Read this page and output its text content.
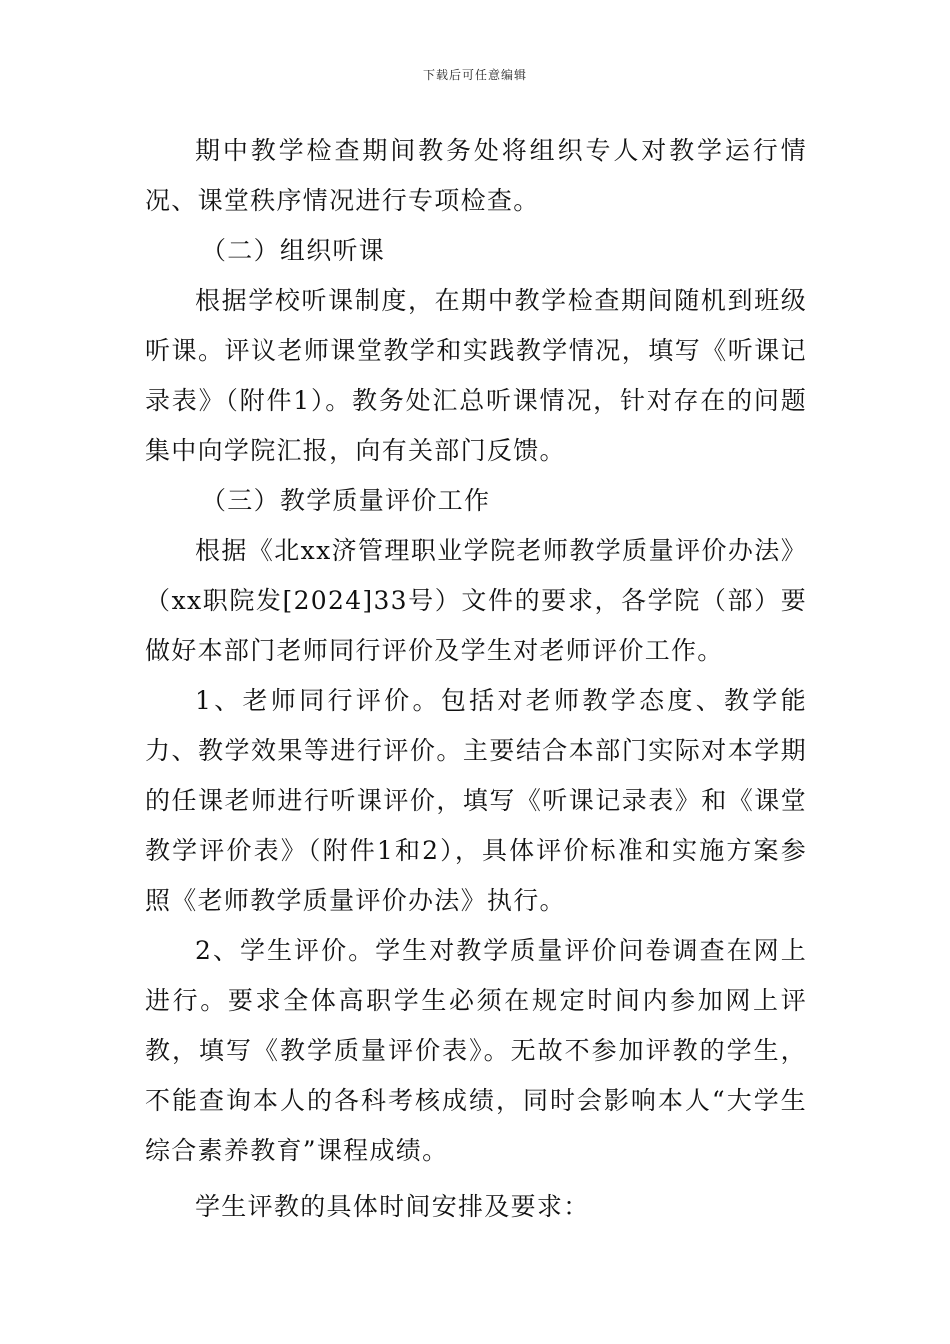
下载后可任意编辑

期中教学检查期间教务处将组织专人对教学运行情况、课堂秩序情况进行专项检查。

（二）组织听课

根据学校听课制度，在期中教学检查期间随机到班级听课。评议老师课堂教学和实践教学情况，填写《听课记录表》（附件1）。教务处汇总听课情况，针对存在的问题集中向学院汇报，向有关部门反馈。

（三）教学质量评价工作

根据《北xx济管理职业学院老师教学质量评价办法》（xx职院发[2024]33号）文件的要求，各学院（部）要做好本部门老师同行评价及学生对老师评价工作。

1、老师同行评价。包括对老师教学态度、教学能力、教学效果等进行评价。主要结合本部门实际对本学期的任课老师进行听课评价，填写《听课记录表》和《课堂教学评价表》（附件1和2），具体评价标准和实施方案参照《老师教学质量评价办法》执行。

2、学生评价。学生对教学质量评价问卷调查在网上进行。要求全体高职学生必须在规定时间内参加网上评教，填写《教学质量评价表》。无故不参加评教的学生，不能查询本人的各科考核成绩，同时会影响本人“大学生综合素养教育”课程成绩。

学生评教的具体时间安排及要求：
